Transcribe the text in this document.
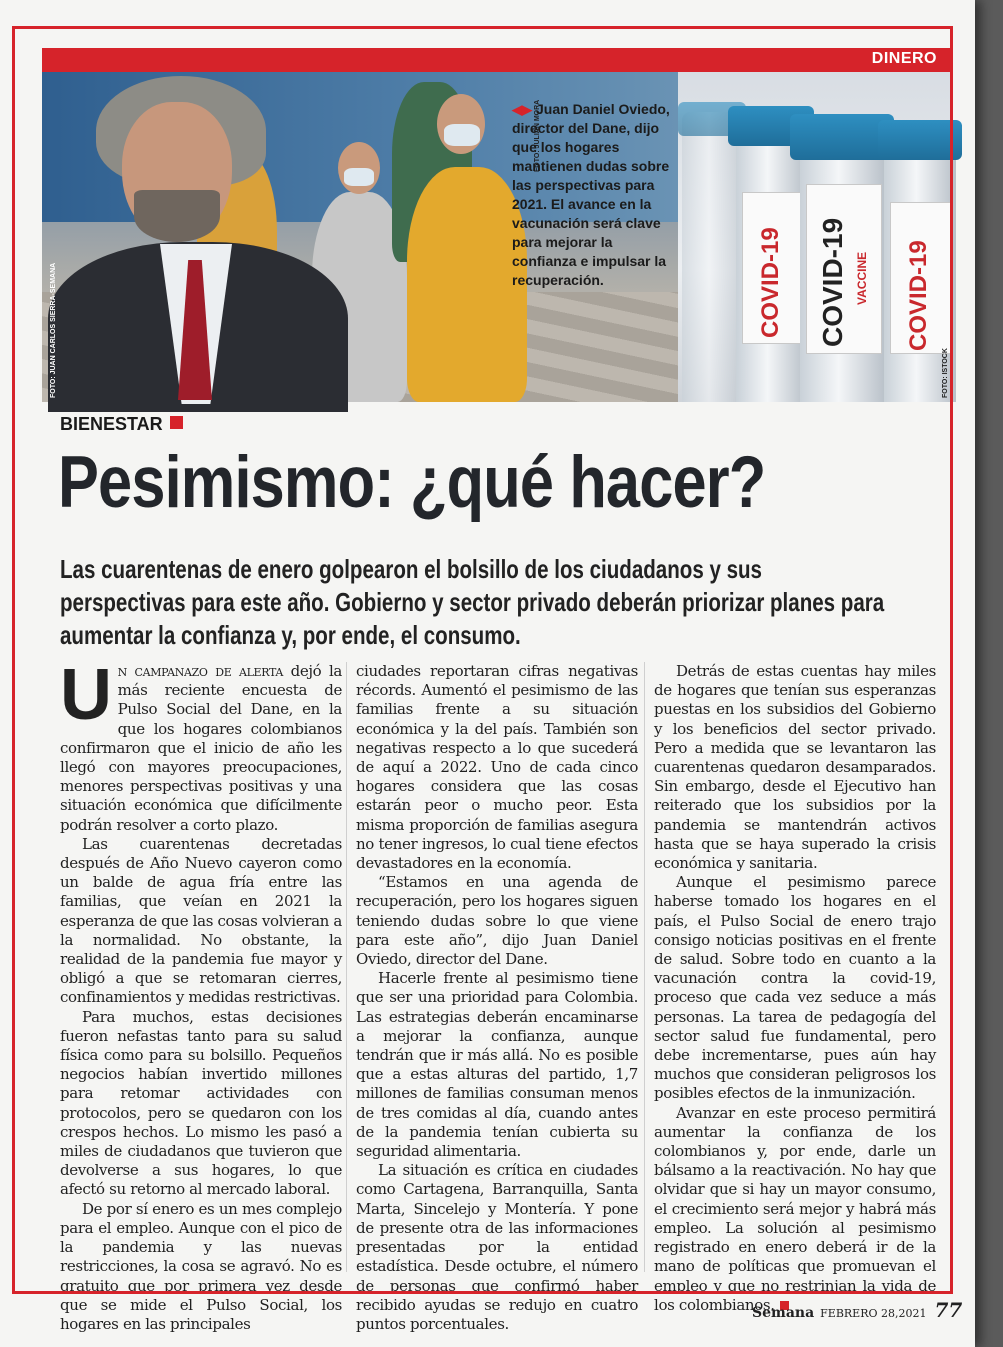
DINERO
FOTO: JUAN CARLOS SIERRA-SEMANA
FOTO: JULIÁN MORA
◀▶ Juan Daniel Oviedo, director del Dane, dijo que los hogares mantienen dudas sobre las perspectivas para 2021. El avance en la vacunación será clave para mejorar la confianza e impulsar la recuperación.	COVID-19 COVID-19 VACCINE COVID-19
FOTO: ISTOCK
BIENESTAR
Pesimismo: ¿qué hacer?
Las cuarentenas de enero golpearon el bolsillo de los ciudadanos y sus perspectivas para este año. Gobierno y sector privado deberán priorizar planes para aumentar la confianza y, por ende, el consumo.

Un campanazo de alerta dejó la más reciente encuesta de Pulso Social del Dane, en la que los hogares colombianos confirmaron que el inicio de año les llegó con mayores preocupaciones, menores perspectivas positivas y una situación económica que difícilmente podrán resolver a corto plazo.

Las cuarentenas decretadas después de Año Nuevo cayeron como un balde de agua fría entre las familias, que veían en 2021 la esperanza de que las cosas volvieran a la normalidad. No obstante, la realidad de la pandemia fue mayor y obligó a que se retomaran cierres, confinamientos y medidas restrictivas.

Para muchos, estas decisiones fueron nefastas tanto para su salud física como para su bolsillo. Pequeños negocios habían invertido millones para retomar actividades con protocolos, pero se quedaron con los crespos hechos. Lo mismo les pasó a miles de ciudadanos que tuvieron que devolverse a sus hogares, lo que afectó su retorno al mercado laboral.

De por sí enero es un mes complejo para el empleo. Aunque con el pico de la pandemia y las nuevas restricciones, la cosa se agravó. No es gratuito que por primera vez desde que se mide el Pulso Social, los hogares en las principales

ciudades reportaran cifras negativas récords. Aumentó el pesimismo de las familias frente a su situación económica y la del país. También son negativas respecto a lo que sucederá de aquí a 2022. Uno de cada cinco hogares considera que las cosas estarán peor o mucho peor. Esta misma proporción de familias asegura no tener ingresos, lo cual tiene efectos devastadores en la economía.

“Estamos en una agenda de recuperación, pero los hogares siguen teniendo dudas sobre lo que viene para este año”, dijo Juan Daniel Oviedo, director del Dane.

Hacerle frente al pesimismo tiene que ser una prioridad para Colombia. Las estrategias deberán encaminarse a mejorar la confianza, aunque tendrán que ir más allá. No es posible que a estas alturas del partido, 1,7 millones de familias consuman menos de tres comidas al día, cuando antes de la pandemia tenían cubierta su seguridad alimentaria.

La situación es crítica en ciudades como Cartagena, Barranquilla, Santa Marta, Sincelejo y Montería. Y pone de presente otra de las informaciones presentadas por la entidad estadística. Desde octubre, el número de personas que confirmó haber recibido ayudas se redujo en cuatro puntos porcentuales.

Detrás de estas cuentas hay miles de hogares que tenían sus esperanzas puestas en los subsidios del Gobierno y los beneficios del sector privado. Pero a medida que se levantaron las cuarentenas quedaron desamparados. Sin embargo, desde el Ejecutivo han reiterado que los subsidios por la pandemia se mantendrán activos hasta que se haya superado la crisis económica y sanitaria.

Aunque el pesimismo parece haberse tomado los hogares en el país, el Pulso Social de enero trajo consigo noticias positivas en el frente de salud. Sobre todo en cuanto a la vacunación contra la covid-19, proceso que cada vez seduce a más personas. La tarea de pedagogía del sector salud fue fundamental, pero debe incrementarse, pues aún hay muchos que consideran peligrosos los posibles efectos de la inmunización.

Avanzar en este proceso permitirá aumentar la confianza de los colombianos y, por ende, darle un bálsamo a la reactivación. No hay que olvidar que si hay un mayor consumo, el crecimiento será mejor y habrá más empleo. La solución al pesimismo registrado en enero deberá ir de la mano de políticas que promuevan el empleo y que no restrinjan la vida de los colombianos.

Semana FEBRERO 28,2021 77
